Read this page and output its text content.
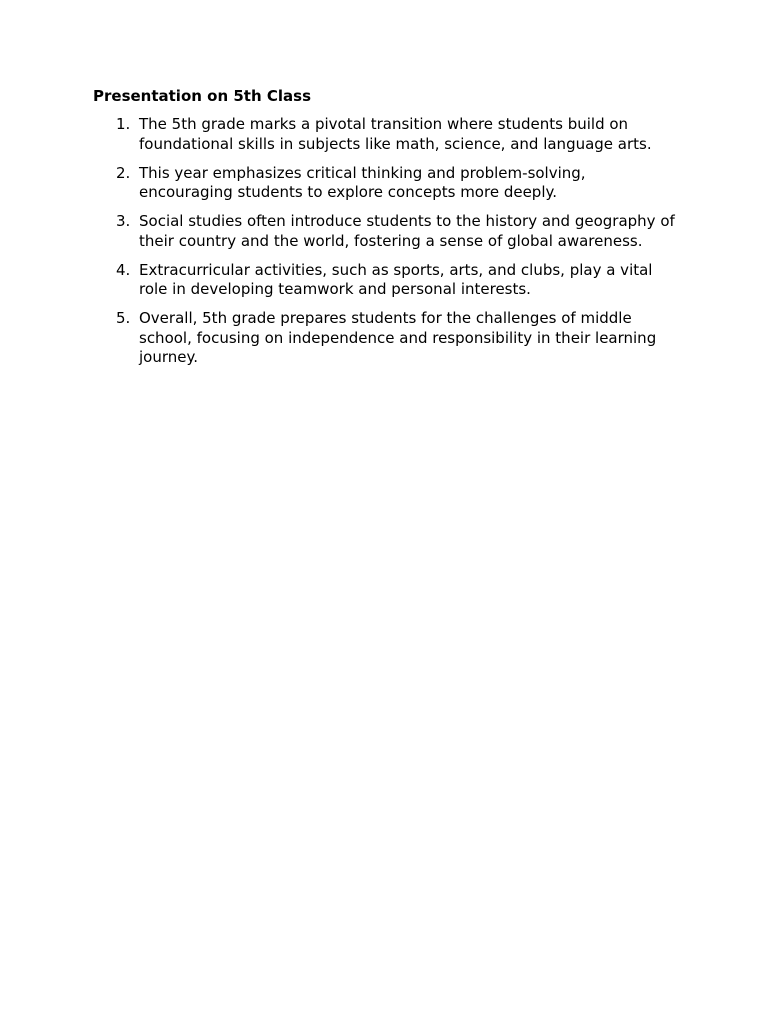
Presentation on 5th Class
1. The 5th grade marks a pivotal transition where students build on foundational skills in subjects like math, science, and language arts.
2. This year emphasizes critical thinking and problem-solving, encouraging students to explore concepts more deeply.
3. Social studies often introduce students to the history and geography of their country and the world, fostering a sense of global awareness.
4. Extracurricular activities, such as sports, arts, and clubs, play a vital role in developing teamwork and personal interests.
5. Overall, 5th grade prepares students for the challenges of middle school, focusing on independence and responsibility in their learning journey.
